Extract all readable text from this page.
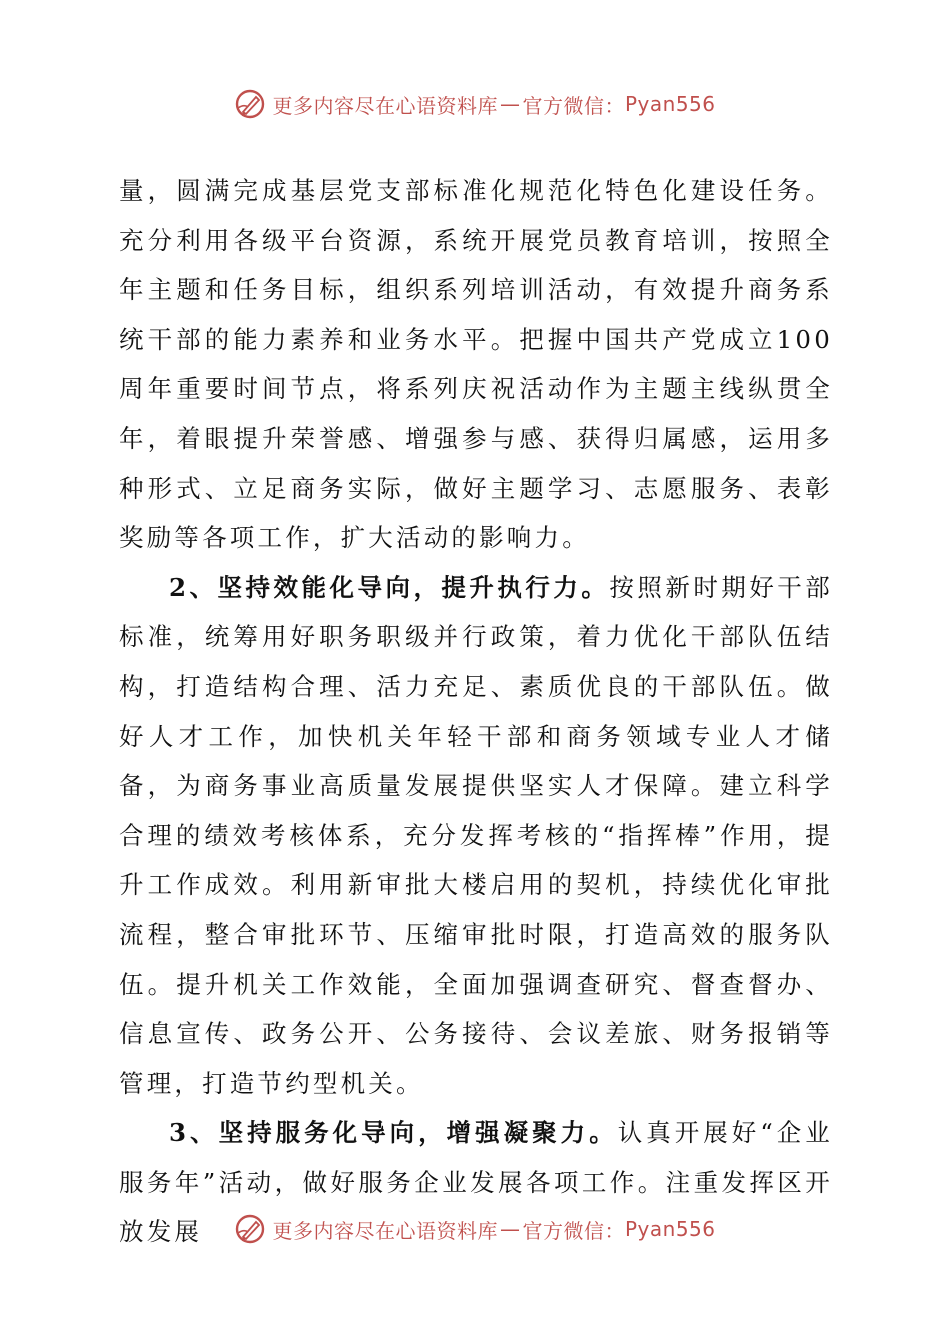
更多内容尽在心语资料库 — 官方微信： Pyan556

量，圆满完成基层党支部标准化规范化特色化建设任务。充分利用各级平台资源，系统开展党员教育培训，按照全年主题和任务目标，组织系列培训活动，有效提升商务系统干部的能力素养和业务水平。把握中国共产党成立100周年重要时间节点，将系列庆祝活动作为主题主线纵贯全年，着眼提升荣誉感、增强参与感、获得归属感，运用多种形式、立足商务实际，做好主题学习、志愿服务、表彰奖励等各项工作，扩大活动的影响力。

2、坚持效能化导向，提升执行力。按照新时期好干部标准，统筹用好职务职级并行政策，着力优化干部队伍结构，打造结构合理、活力充足、素质优良的干部队伍。做好人才工作，加快机关年轻干部和商务领域专业人才储备，为商务事业高质量发展提供坚实人才保障。建立科学合理的绩效考核体系，充分发挥考核的“指挥棒”作用，提升工作成效。利用新审批大楼启用的契机，持续优化审批流程，整合审批环节、压缩审批时限，打造高效的服务队伍。提升机关工作效能，全面加强调查研究、督查督办、信息宣传、政务公开、公务接待、会议差旅、财务报销等管理，打造节约型机关。

3、坚持服务化导向，增强凝聚力。认真开展好“企业服务年”活动，做好服务企业发展各项工作。注重发挥区开放发展	更多内容尽在心语资料库 — 官方微信： Pyan556
